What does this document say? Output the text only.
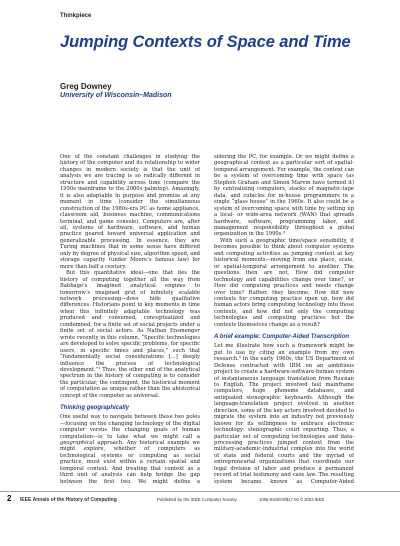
Thinkpiece
Jumping Contexts of Space and Time
Greg Downey
University of Wisconsin–Madison

One of the constant challenges in studying the history of the computer and its relationship to wider changes in modern society is that the unit of analysis we are tracing is so radically different in structure and capability across time (compare the 1950s mainframe to the 2000s palmtop). Amazingly, it is also adaptable in purpose and promise at any moment in time (consider the simultaneous construction of the 1980s-era PC as home appliance, classroom aid, business machine, communications terminal, and game console). Computers are, after all, systems of hardware, software, and human practice geared toward universal application and generalizable processing. In essence, they are Turing machines that in some sense have differed only by degree of physical size, algorithm speed, and storage capacity (under Moore’s famous law) for more than half a century.

But this quantitative ideal—one that ties the history of computing together all the way from Babbage’s imagined analytical engines to tomorrow’s imagined grid of infinitely scalable network processing—does hide qualitative differences. Historians point to key moments in time when this infinitely adaptable technology was produced and consumed, conceptualized and condemned, for a finite set of social projects under a finite set of social actors. As Nathan Ensmenger wrote recently in this column, “Specific technologies are developed to solve specific problems, for specific users, in specific times and places,” such that “fundamentally social considerations [...] deeply influence the process of technological development.”¹ Thus, the other end of the analytical spectrum in the history of computing is to consider the particular, the contingent, the historical moment of computation as unique rather than the ahistorical concept of the computer as universal.

Thinking geographically

One useful way to navigate between these two poles—focusing on the changing technology of the digital computer versus the changing goals of human computation—is to take what we might call a geographical approach. Any historical example we might explore, whether of computers as technological systems or computing as social practice, must exist within a certain spatial and temporal context. And treating that context as a third unit of analysis can help bridge the gap between the first two. We might define a

sidering the PC, for example. Or we might define a geographical context as a particular sort of spatial-temporal arrangement. For example, the context can be a system of overcoming time with space (as Stephen Graham and Simon Marvin have termed it) by centralizing computers, stacks of magnetic-tape data, and cubicles for in-house programmers in a single “glass house” in the 1960s. It also could be a system of overcoming space with time by setting up a local- or wide-area network (WAN) that spreads hardware, software, programming labor, and management responsibility throughout a global organization in the 1990s.²

With such a geographic time/space sensibility, it becomes possible to think about computer systems and computing activities as jumping context at key historical moments—moving from one place, scale, or spatial-temporal arrangement to another. The questions then are not, How did computer technology and capabilities change over time?, or How did computing practices and needs change over time? Rather, they become, How did new contexts for computing practice open up, how did human actors bring computing technology into those contexts, and how did not only the computing technologies and computing practices but the contexts themselves change as a result?

A brief example: Computer-Aided Transcription

Let me illustrate how such a framework might be put to use by citing an example from my own research.³ In the early 1960s, the US Department of Defense contracted with IBM on an ambitious project to create a hardware-software-human system of instantaneous language translation from Russian to English. The project involved fast mainframe computers, huge phoneme databases, and antiquated stenographic keyboards. Although the language-translation project evolved in another direction, some of the key actors involved decided to migrate the system into an industry not previously known for its willingness to embrace electronic technology: stenographic court reporting. Thus, a particular set of computing technologies and data-processing practices jumped context from the military-academic-industrial complex into the world of state and federal courts and the myriad of entrepreneurial organizations that coordinate our legal division of labor and produce a permanent record of trial testimony and case law. The resulting system became known as Computer-Aided

2 IEEE Annals of the History of Computing	Published by the IEEE Computer Society	1058-6180/03/$17.00 © 2003 IEEE
